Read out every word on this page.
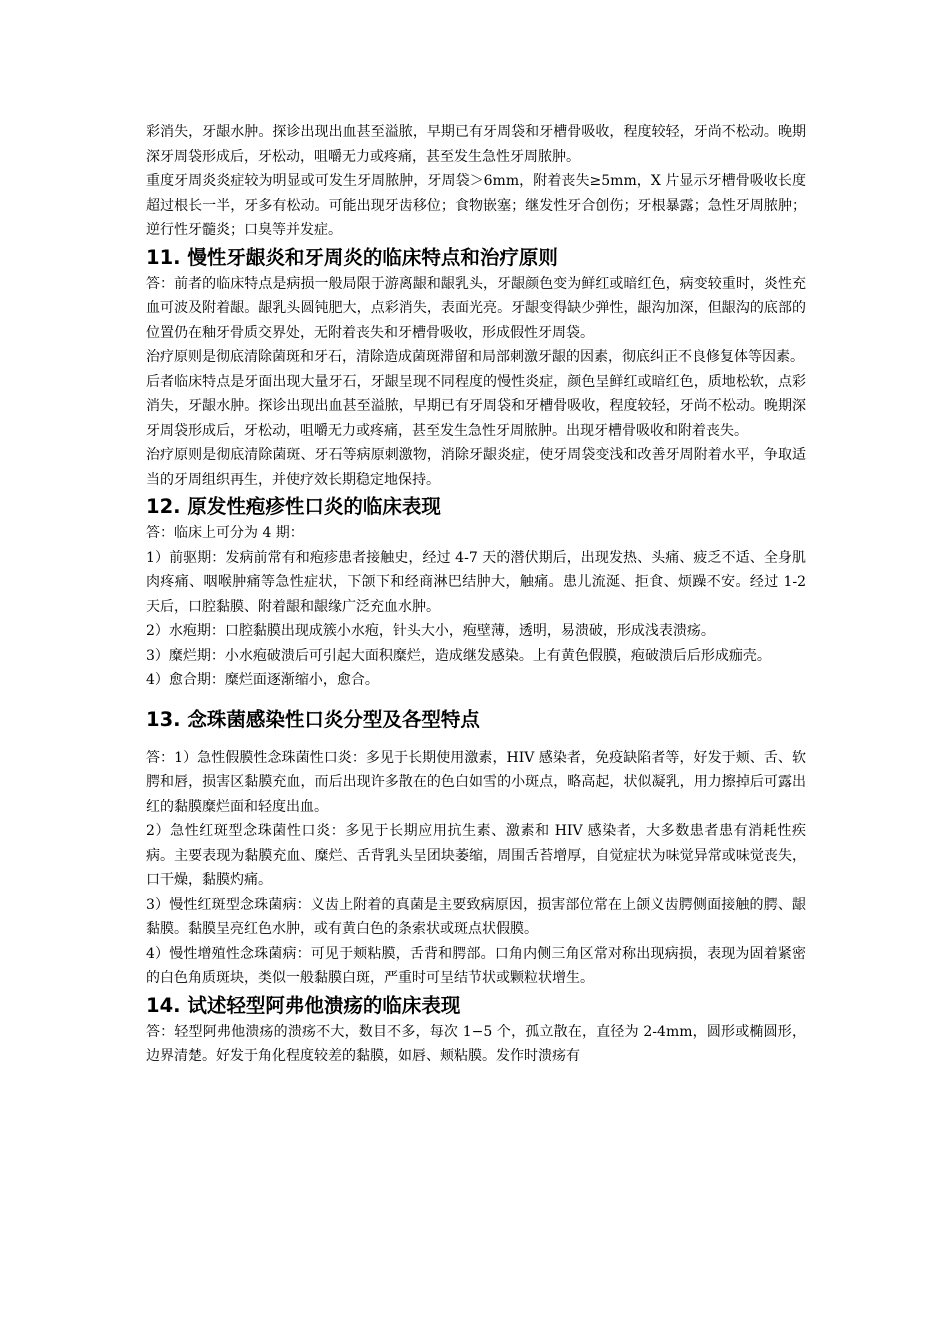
彩消失，牙龈水肿。探诊出现出血甚至溢脓，早期已有牙周袋和牙槽骨吸收，程度较轻，牙尚不松动。晚期深牙周袋形成后，牙松动，咀嚼无力或疼痛，甚至发生急性牙周脓肿。

重度牙周炎炎症较为明显或可发生牙周脓肿，牙周袋＞6mm，附着丧失≥5mm，X 片显示牙槽骨吸收长度超过根长一半，牙多有松动。可能出现牙齿移位；食物嵌塞；继发性牙合创伤；牙根暴露；急性牙周脓肿；逆行性牙髓炎；口臭等并发症。

11. 慢性牙龈炎和牙周炎的临床特点和治疗原则

答：前者的临床特点是病损一般局限于游离龈和龈乳头，牙龈颜色变为鲜红或暗红色，病变较重时，炎性充血可波及附着龈。龈乳头圆钝肥大，点彩消失，表面光亮。牙龈变得缺少弹性，龈沟加深，但龈沟的底部的位置仍在釉牙骨质交界处，无附着丧失和牙槽骨吸收，形成假性牙周袋。

治疗原则是彻底清除菌斑和牙石，清除造成菌斑滞留和局部刺激牙龈的因素，彻底纠正不良修复体等因素。

后者临床特点是牙面出现大量牙石，牙龈呈现不同程度的慢性炎症，颜色呈鲜红或暗红色，质地松软，点彩消失，牙龈水肿。探诊出现出血甚至溢脓，早期已有牙周袋和牙槽骨吸收，程度较轻，牙尚不松动。晚期深牙周袋形成后，牙松动，咀嚼无力或疼痛，甚至发生急性牙周脓肿。出现牙槽骨吸收和附着丧失。

治疗原则是彻底清除菌斑、牙石等病原刺激物，消除牙龈炎症，使牙周袋变浅和改善牙周附着水平，争取适当的牙周组织再生，并使疗效长期稳定地保持。

12. 原发性疱疹性口炎的临床表现

答：临床上可分为 4 期：

1）前驱期：发病前常有和疱疹患者接触史，经过 4-7 天的潜伏期后，出现发热、头痛、疲乏不适、全身肌肉疼痛、咽喉肿痛等急性症状，下颌下和经商淋巴结肿大，触痛。患儿流涎、拒食、烦躁不安。经过 1-2 天后，口腔黏膜、附着龈和龈缘广泛充血水肿。

2）水疱期：口腔黏膜出现成簇小水疱，针头大小，疱壁薄，透明，易溃破，形成浅表溃疡。

3）糜烂期：小水疱破溃后可引起大面积糜烂，造成继发感染。上有黄色假膜，疱破溃后后形成痂壳。

4）愈合期：糜烂面逐渐缩小，愈合。

13. 念珠菌感染性口炎分型及各型特点

答：1）急性假膜性念珠菌性口炎：多见于长期使用激素，HIV 感染者，免疫缺陷者等，好发于颊、舌、软腭和唇，损害区黏膜充血，而后出现许多散在的色白如雪的小斑点，略高起，状似凝乳，用力擦掉后可露出红的黏膜糜烂面和轻度出血。

2）急性红斑型念珠菌性口炎：多见于长期应用抗生素、激素和 HIV 感染者，大多数患者患有消耗性疾病。主要表现为黏膜充血、糜烂、舌背乳头呈团块萎缩，周围舌苔增厚，自觉症状为味觉异常或味觉丧失，口干燥，黏膜灼痛。

3）慢性红斑型念珠菌病：义齿上附着的真菌是主要致病原因，损害部位常在上颌义齿腭侧面接触的腭、龈黏膜。黏膜呈亮红色水肿，或有黄白色的条索状或斑点状假膜。

4）慢性增殖性念珠菌病：可见于颊粘膜，舌背和腭部。口角内侧三角区常对称出现病损，表现为固着紧密的白色角质斑块，类似一般黏膜白斑，严重时可呈结节状或颗粒状增生。

14. 试述轻型阿弗他溃疡的临床表现

答：轻型阿弗他溃疡的溃疡不大，数目不多，每次 1−5 个，孤立散在，直径为 2-4mm，圆形或椭圆形，边界清楚。好发于角化程度较差的黏膜，如唇、颊粘膜。发作时溃疡有
